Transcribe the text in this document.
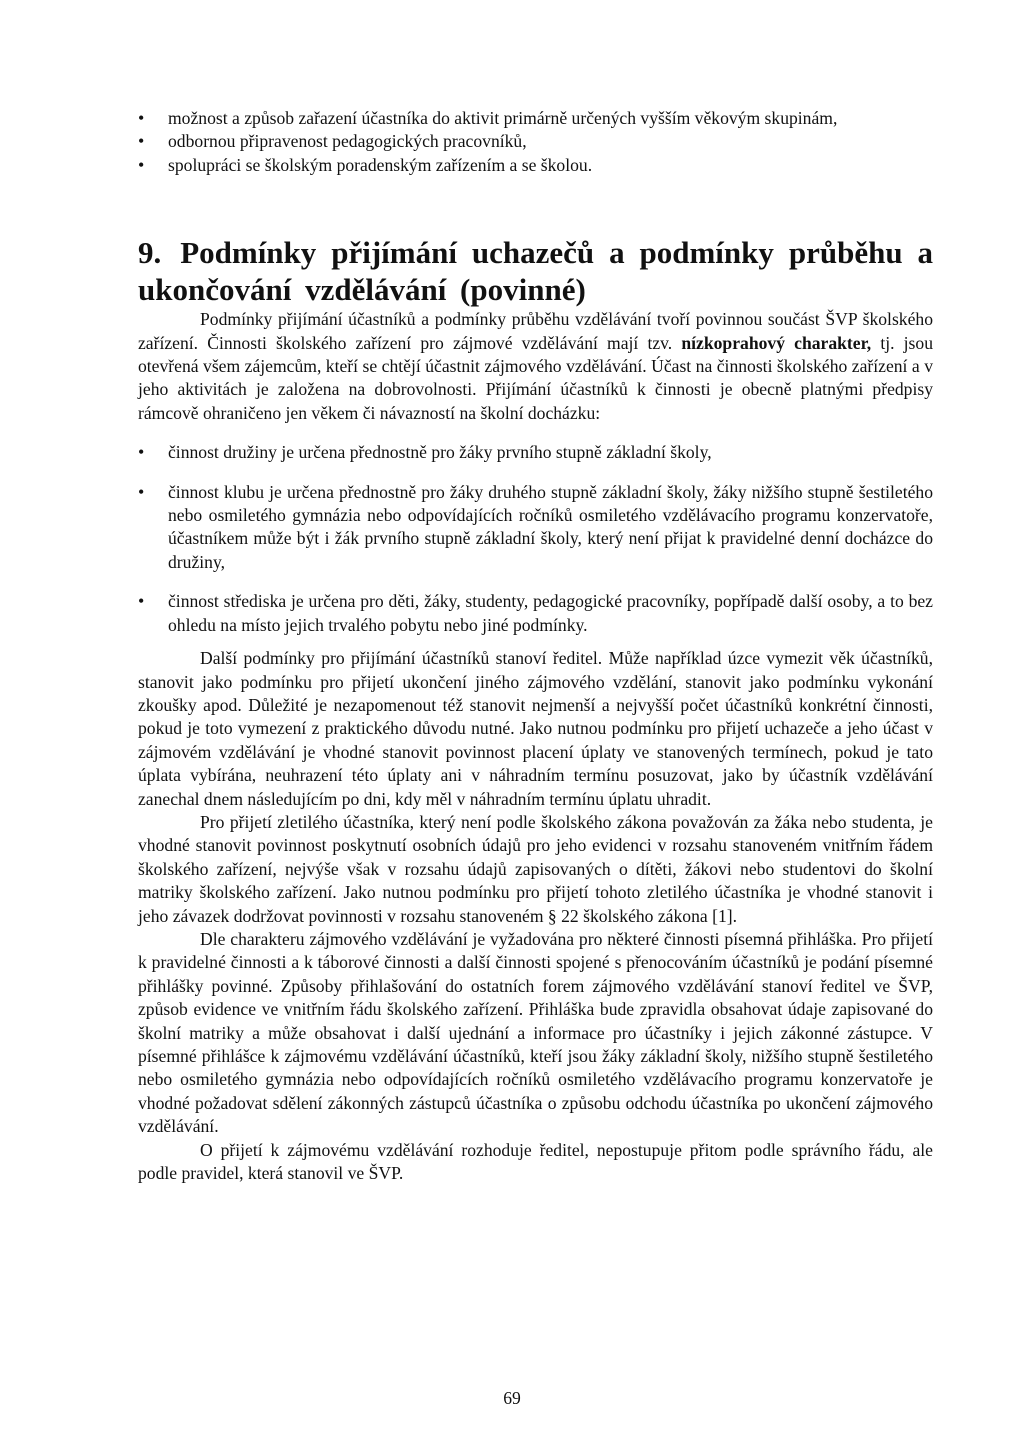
• možnost a způsob zařazení účastníka do aktivit primárně určených vyšším věkovým skupinám,
• odbornou připravenost pedagogických pracovníků,
• spolupráci se školským poradenským zařízením a se školou.
9. Podmínky přijímání uchazečů a podmínky průběhu a ukončování vzdělávání (povinné)

Podmínky přijímání účastníků a podmínky průběhu vzdělávání tvoří povinnou součást ŠVP školského zařízení. Činnosti školského zařízení pro zájmové vzdělávání mají tzv. nízkoprahový charakter, tj. jsou otevřená všem zájemcům, kteří se chtějí účastnit zájmového vzdělávání. Účast na činnosti školského zařízení a v jeho aktivitách je založena na dobrovolnosti. Přijímání účastníků k činnosti je obecně platnými předpisy rámcově ohraničeno jen věkem či návazností na školní docházku:

• činnost družiny je určena přednostně pro žáky prvního stupně základní školy,
• činnost klubu je určena přednostně pro žáky druhého stupně základní školy, žáky nižšího stupně šestiletého nebo osmiletého gymnázia nebo odpovídajících ročníků osmiletého vzdělávacího programu konzervatoře, účastníkem může být i žák prvního stupně základní školy, který není přijat k pravidelné denní docházce do družiny,
• činnost střediska je určena pro děti, žáky, studenty, pedagogické pracovníky, popřípadě další osoby, a to bez ohledu na místo jejich trvalého pobytu nebo jiné podmínky.

Další podmínky pro přijímání účastníků stanoví ředitel. Může například úzce vymezit věk účastníků, stanovit jako podmínku pro přijetí ukončení jiného zájmového vzdělání, stanovit jako podmínku vykonání zkoušky apod. Důležité je nezapomenout též stanovit nejmenší a nejvyšší počet účastníků konkrétní činnosti, pokud je toto vymezení z praktického důvodu nutné. Jako nutnou podmínku pro přijetí uchazeče a jeho účast v zájmovém vzdělávání je vhodné stanovit povinnost placení úplaty ve stanovených termínech, pokud je tato úplata vybírána, neuhrazení této úplaty ani v náhradním termínu posuzovat, jako by účastník vzdělávání zanechal dnem následujícím po dni, kdy měl v náhradním termínu úplatu uhradit.

Pro přijetí zletilého účastníka, který není podle školského zákona považován za žáka nebo studenta, je vhodné stanovit povinnost poskytnutí osobních údajů pro jeho evidenci v rozsahu stanoveném vnitřním řádem školského zařízení, nejvýše však v rozsahu údajů zapisovaných o dítěti, žákovi nebo studentovi do školní matriky školského zařízení. Jako nutnou podmínku pro přijetí tohoto zletilého účastníka je vhodné stanovit i jeho závazek dodržovat povinnosti v rozsahu stanoveném § 22 školského zákona [1].

Dle charakteru zájmového vzdělávání je vyžadována pro některé činnosti písemná přihláška. Pro přijetí k pravidelné činnosti a k táborové činnosti a další činnosti spojené s přenocováním účastníků je podání písemné přihlášky povinné. Způsoby přihlašování do ostatních forem zájmového vzdělávání stanoví ředitel ve ŠVP, způsob evidence ve vnitřním řádu školského zařízení. Přihláška bude zpravidla obsahovat údaje zapisované do školní matriky a může obsahovat i další ujednání a informace pro účastníky i jejich zákonné zástupce. V písemné přihlášce k zájmovému vzdělávání účastníků, kteří jsou žáky základní školy, nižšího stupně šestiletého nebo osmiletého gymnázia nebo odpovídajících ročníků osmiletého vzdělávacího programu konzervatoře je vhodné požadovat sdělení zákonných zástupců účastníka o způsobu odchodu účastníka po ukončení zájmového vzdělávání.

O přijetí k zájmovému vzdělávání rozhoduje ředitel, nepostupuje přitom podle správního řádu, ale podle pravidel, která stanovil ve ŠVP.

69
